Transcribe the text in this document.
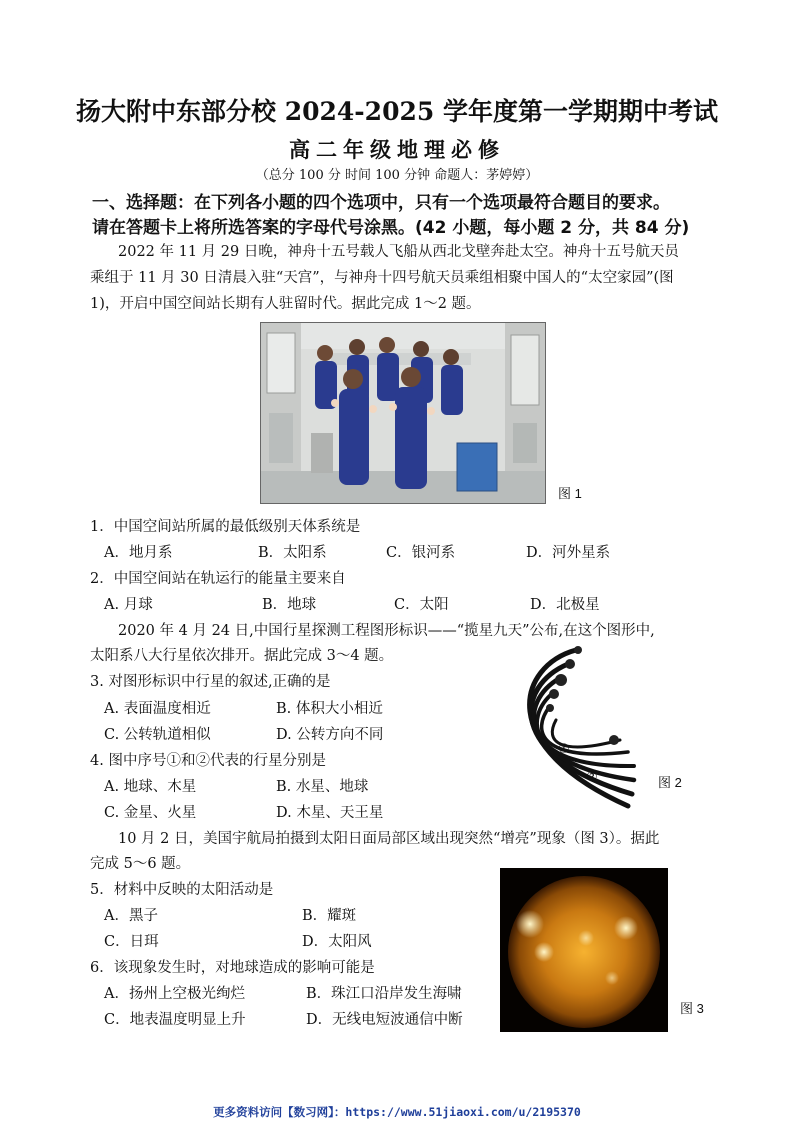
扬大附中东部分校 2024-2025 学年度第一学期期中考试
高二年级地理必修
（总分 100 分 时间 100 分钟 命题人：茅婷婷）
一、选择题：在下列各小题的四个选项中，只有一个选项最符合题目的要求。
请在答题卡上将所选答案的字母代号涂黑。(42 小题，每小题 2 分，共 84 分)
2022 年 11 月 29 日晚，神舟十五号载人飞船从西北戈壁奔赴太空。神舟十五号航天员
乘组于 11 月 30 日清晨入驻“天宫”，与神舟十四号航天员乘组相聚中国人的“太空家园”(图
1)，开启中国空间站长期有人驻留时代。据此完成 1～2 题。
图 1
1．中国空间站所属的最低级别天体系统是
A．地月系	B．太阳系	C．银河系	D．河外星系
2．中国空间站在轨运行的能量主要来自
A. 月球	B．地球	C．太阳	D．北极星
2020 年 4 月 24 日,中国行星探测工程图形标识——“揽星九天”公布,在这个图形中,
太阳系八大行星依次排开。据此完成 3～4 题。
①
②	图 2
3. 对图形标识中行星的叙述,正确的是
A. 表面温度相近	B. 体积大小相近
C. 公转轨道相似	D. 公转方向不同
4. 图中序号①和②代表的行星分别是
A. 地球、木星	B. 水星、地球
C. 金星、火星	D. 木星、天王星
10 月 2 日，美国宇航局拍摄到太阳日面局部区域出现突然“增亮”现象（图 3）。据此
完成 5～6 题。
图 3
5．材料中反映的太阳活动是
A．黑子	B．耀斑
C．日珥	D．太阳风
6．该现象发生时，对地球造成的影响可能是
A．扬州上空极光绚烂	B．珠江口沿岸发生海啸
C．地表温度明显上升	D．无线电短波通信中断
更多资料访问【数习网】：https://www.51jiaoxi.com/u/2195370
